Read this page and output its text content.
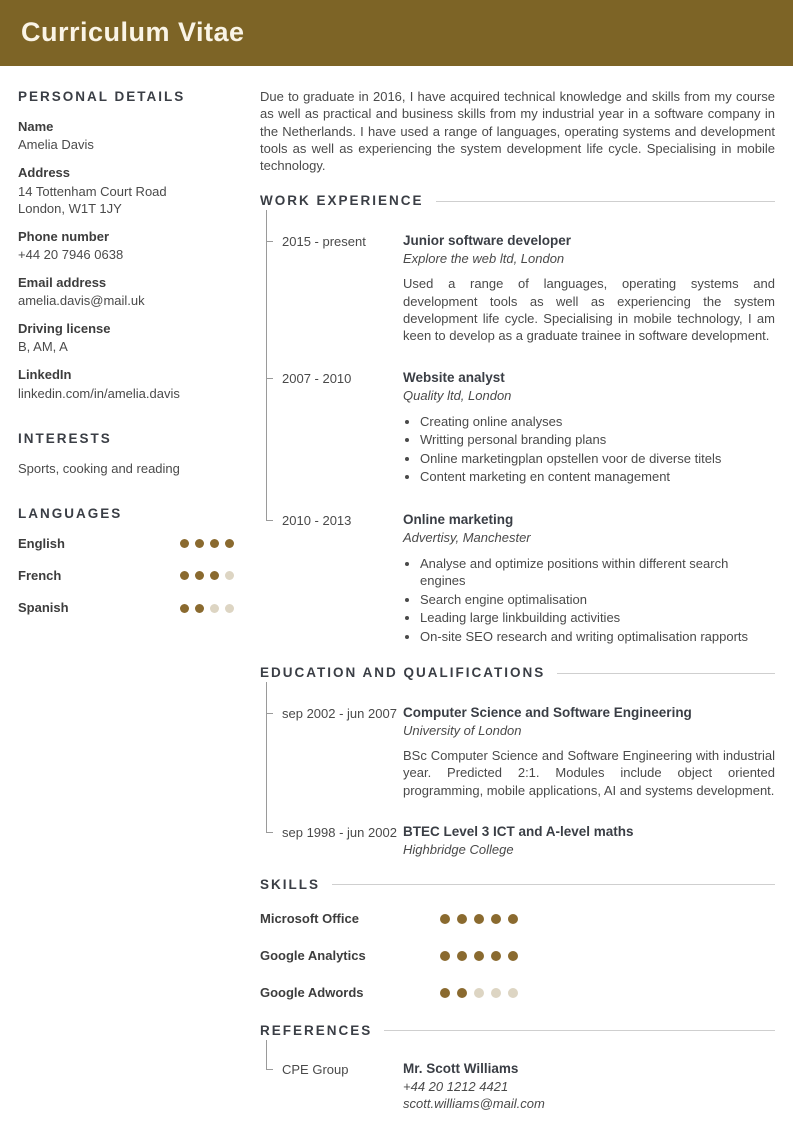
Curriculum Vitae
PERSONAL DETAILS
Name
Amelia Davis
Address
14 Tottenham Court Road
London, W1T 1JY
Phone number
+44 20 7946 0638
Email address
amelia.davis@mail.uk
Driving license
B, AM, A
LinkedIn
linkedin.com/in/amelia.davis
INTERESTS

Sports, cooking and reading

LANGUAGES
English
French
Spanish

Due to graduate in 2016, I have acquired technical knowledge and skills from my course as well as practical and business skills from my industrial year in a software company in the Netherlands. I have used a range of languages, operating systems and development tools as well as experiencing the system development life cycle. Specialising in mobile technology.

WORK EXPERIENCE
2015 - present	Junior software developer
Explore the web ltd, London

Used a range of languages, operating systems and development tools as well as experiencing the system development life cycle. Specialising in mobile technology, I am keen to develop as a graduate trainee in software development.

2007 - 2010	Website analyst
Quality ltd, London
• Creating online analyses
• Writting personal branding plans
• Online marketingplan opstellen voor de diverse titels
• Content marketing en content management
2010 - 2013	Online marketing
Advertisy, Manchester
• Analyse and optimize positions within different search engines
• Search engine optimalisation
• Leading large linkbuilding activities
• On-site SEO research and writing optimalisation rapports
EDUCATION AND QUALIFICATIONS
sep 2002 - jun 2007 Computer Science and Software Engineering
University of London

BSc Computer Science and Software Engineering with industrial year. Predicted 2:1. Modules include object oriented programming, mobile applications, AI and systems development.

sep 1998 - jun 2002 BTEC Level 3 ICT and A-level maths
Highbridge College
SKILLS
Microsoft Office
Google Analytics
Google Adwords
REFERENCES
CPE Group	Mr. Scott Williams
+44 20 1212 4421
scott.williams@mail.com
